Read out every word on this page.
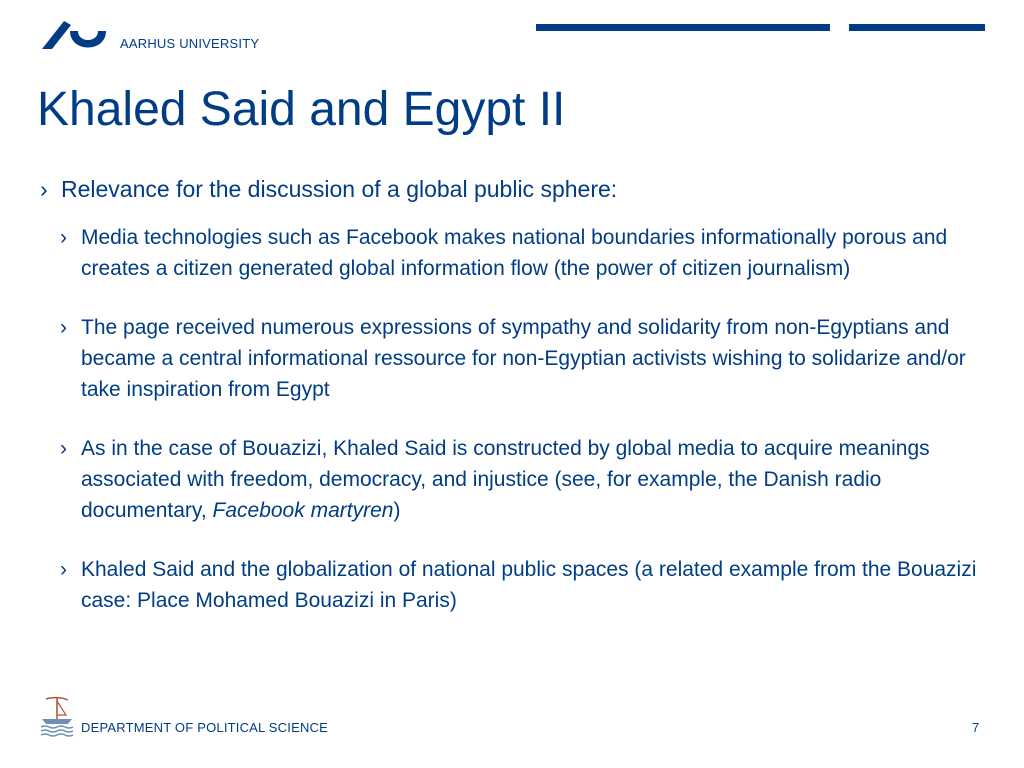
AARHUS UNIVERSITY
Khaled Said and Egypt II
› Relevance for the discussion of a global public sphere:
› Media technologies such as Facebook makes national boundaries informationally porous and creates a citizen generated global information flow (the power of citizen journalism)
› The page received numerous expressions of sympathy and solidarity from non-Egyptians and became a central informational ressource for non-Egyptian activists wishing to solidarize and/or take inspiration from Egypt
› As in the case of Bouazizi, Khaled Said is constructed by global media to acquire meanings associated with freedom, democracy, and injustice (see, for example, the Danish radio documentary, Facebook martyren)
› Khaled Said and the globalization of national public spaces (a related example from the Bouazizi case: Place Mohamed Bouazizi in Paris)
DEPARTMENT OF POLITICAL SCIENCE	7
